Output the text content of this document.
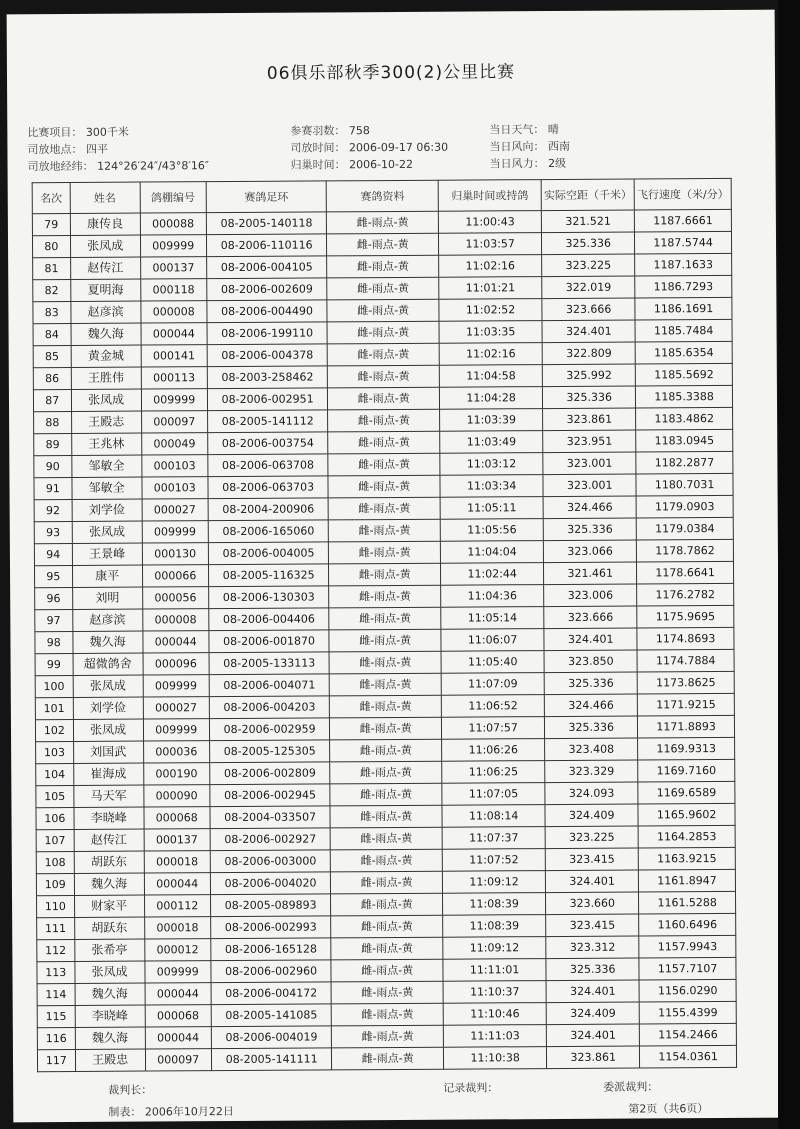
06俱乐部秋季300(2)公里比赛
比赛项目： 300千米
司放地点： 四平
司放地经纬： 124°26′24″/43°8′16″
参赛羽数： 758
司放时间： 2006-09-17 06:30
归巢时间： 2006-10-22
当日天气： 晴
当日风向： 西南
当日风力： 2级
名次	姓名	鸽棚编号	赛鸽足环	赛鸽资料	归巢时间或持鸽	实际空距（千米）	飞行速度（米/分）
79	康传良	000088	08-2005-140118	雌-雨点-黄	11:00:43	321.521	1187.6661
80	张凤成	009999	08-2006-110116	雌-雨点-黄	11:03:57	325.336	1187.5744
81	赵传江	000137	08-2006-004105	雌-雨点-黄	11:02:16	323.225	1187.1633
82	夏明海	000118	08-2006-002609	雌-雨点-黄	11:01:21	322.019	1186.7293
83	赵彦滨	000008	08-2006-004490	雌-雨点-黄	11:02:52	323.666	1186.1691
84	魏久海	000044	08-2006-199110	雌-雨点-黄	11:03:35	324.401	1185.7484
85	黄金城	000141	08-2006-004378	雌-雨点-黄	11:02:16	322.809	1185.6354
86	王胜伟	000113	08-2003-258462	雌-雨点-黄	11:04:58	325.992	1185.5692
87	张凤成	009999	08-2006-002951	雌-雨点-黄	11:04:28	325.336	1185.3388
88	王殿志	000097	08-2005-141112	雌-雨点-黄	11:03:39	323.861	1183.4862
89	王兆林	000049	08-2006-003754	雌-雨点-黄	11:03:49	323.951	1183.0945
90	邹敏全	000103	08-2006-063708	雌-雨点-黄	11:03:12	323.001	1182.2877
91	邹敏全	000103	08-2006-063703	雌-雨点-黄	11:03:34	323.001	1180.7031
92	刘学俭	000027	08-2004-200906	雌-雨点-黄	11:05:11	324.466	1179.0903
93	张凤成	009999	08-2006-165060	雌-雨点-黄	11:05:56	325.336	1179.0384
94	王景峰	000130	08-2006-004005	雌-雨点-黄	11:04:04	323.066	1178.7862
95	康平	000066	08-2005-116325	雌-雨点-黄	11:02:44	321.461	1178.6641
96	刘明	000056	08-2006-130303	雌-雨点-黄	11:04:36	323.006	1176.2782
97	赵彦滨	000008	08-2006-004406	雌-雨点-黄	11:05:14	323.666	1175.9695
98	魏久海	000044	08-2006-001870	雌-雨点-黄	11:06:07	324.401	1174.8693
99	超微鸽舍	000096	08-2005-133113	雌-雨点-黄	11:05:40	323.850	1174.7884
100	张凤成	009999	08-2006-004071	雌-雨点-黄	11:07:09	325.336	1173.8625
101	刘学俭	000027	08-2006-004203	雌-雨点-黄	11:06:52	324.466	1171.9215
102	张凤成	009999	08-2006-002959	雌-雨点-黄	11:07:57	325.336	1171.8893
103	刘国武	000036	08-2005-125305	雌-雨点-黄	11:06:26	323.408	1169.9313
104	崔海成	000190	08-2006-002809	雌-雨点-黄	11:06:25	323.329	1169.7160
105	马天军	000090	08-2006-002945	雌-雨点-黄	11:07:05	324.093	1169.6589
106	李晓峰	000068	08-2004-033507	雌-雨点-黄	11:08:14	324.409	1165.9602
107	赵传江	000137	08-2006-002927	雌-雨点-黄	11:07:37	323.225	1164.2853
108	胡跃东	000018	08-2006-003000	雌-雨点-黄	11:07:52	323.415	1163.9215
109	魏久海	000044	08-2006-004020	雌-雨点-黄	11:09:12	324.401	1161.8947
110	财家平	000112	08-2005-089893	雌-雨点-黄	11:08:39	323.660	1161.5288
111	胡跃东	000018	08-2006-002993	雌-雨点-黄	11:08:39	323.415	1160.6496
112	张希亭	000012	08-2006-165128	雌-雨点-黄	11:09:12	323.312	1157.9943
113	张凤成	009999	08-2006-002960	雌-雨点-黄	11:11:01	325.336	1157.7107
114	魏久海	000044	08-2006-004172	雌-雨点-黄	11:10:37	324.401	1156.0290
115	李晓峰	000068	08-2005-141085	雌-雨点-黄	11:10:46	324.409	1155.4399
116	魏久海	000044	08-2006-004019	雌-雨点-黄	11:11:03	324.401	1154.2466
117	王殿忠	000097	08-2005-141111	雌-雨点-黄	11:10:38	323.861	1154.0361
裁判长：	记录裁判：	委派裁判：
制表： 2006年10月22日	第2页（共6页）
